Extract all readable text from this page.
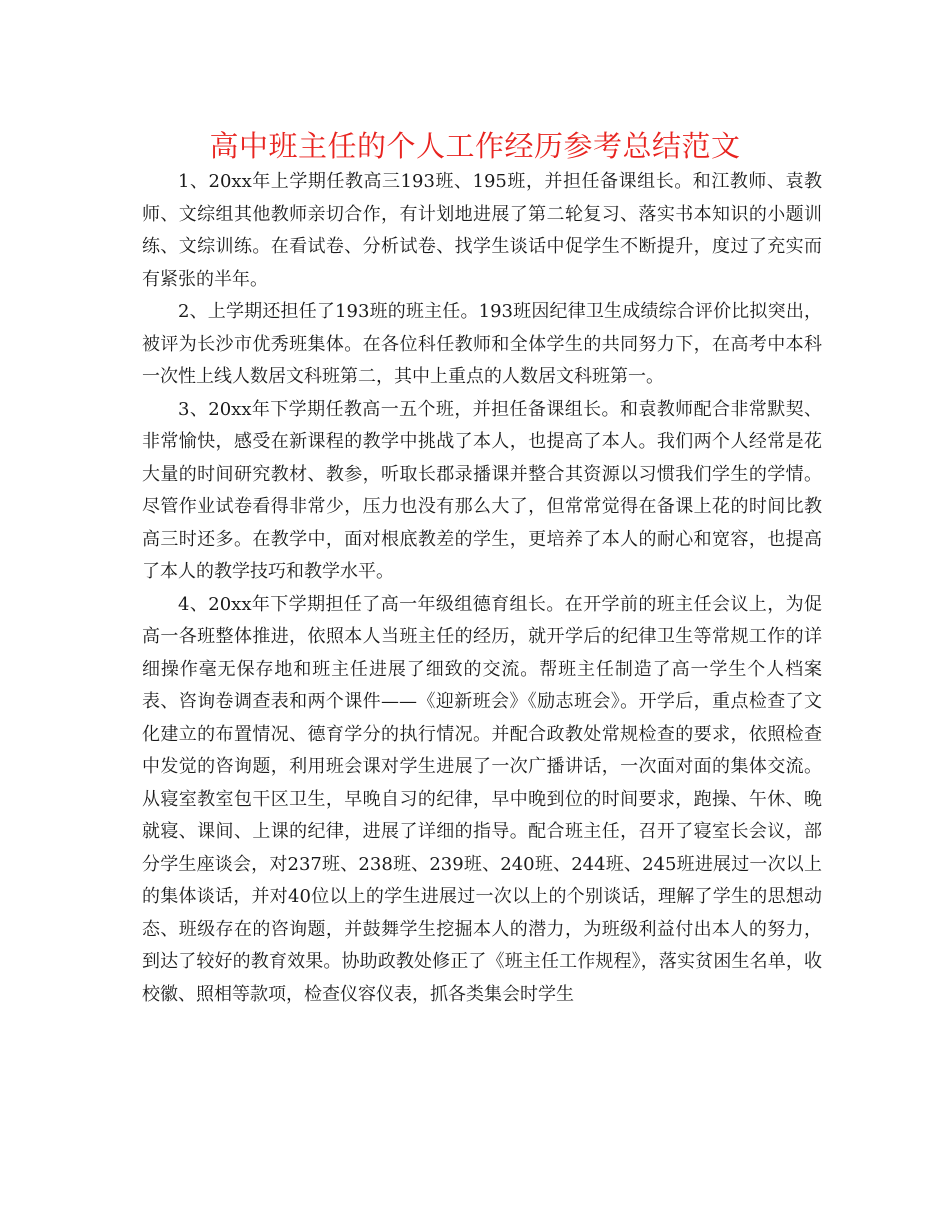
高中班主任的个人工作经历参考总结范文

1、20xx年上学期任教高三193班、195班，并担任备课组长。和江教师、袁教师、文综组其他教师亲切合作，有计划地进展了第二轮复习、落实书本知识的小题训练、文综训练。在看试卷、分析试卷、找学生谈话中促学生不断提升，度过了充实而有紧张的半年。

2、上学期还担任了193班的班主任。193班因纪律卫生成绩综合评价比拟突出，被评为长沙市优秀班集体。在各位科任教师和全体学生的共同努力下，在高考中本科一次性上线人数居文科班第二，其中上重点的人数居文科班第一。

3、20xx年下学期任教高一五个班，并担任备课组长。和袁教师配合非常默契、非常愉快，感受在新课程的教学中挑战了本人，也提高了本人。我们两个人经常是花大量的时间研究教材、教参，听取长郡录播课并整合其资源以习惯我们学生的学情。尽管作业试卷看得非常少，压力也没有那么大了，但常常觉得在备课上花的时间比教高三时还多。在教学中，面对根底教差的学生，更培养了本人的耐心和宽容，也提高了本人的教学技巧和教学水平。

4、20xx年下学期担任了高一年级组德育组长。在开学前的班主任会议上，为促高一各班整体推进，依照本人当班主任的经历，就开学后的纪律卫生等常规工作的详细操作毫无保存地和班主任进展了细致的交流。帮班主任制造了高一学生个人档案表、咨询卷调查表和两个课件——《迎新班会》《励志班会》。开学后，重点检查了文化建立的布置情况、德育学分的执行情况。并配合政教处常规检查的要求，依照检查中发觉的咨询题，利用班会课对学生进展了一次广播讲话，一次面对面的集体交流。从寝室教室包干区卫生，早晚自习的纪律，早中晚到位的时间要求，跑操、午休、晚就寝、课间、上课的纪律，进展了详细的指导。配合班主任，召开了寝室长会议，部分学生座谈会，对237班、238班、239班、240班、244班、245班进展过一次以上的集体谈话，并对40位以上的学生进展过一次以上的个别谈话，理解了学生的思想动态、班级存在的咨询题，并鼓舞学生挖掘本人的潜力，为班级利益付出本人的努力，到达了较好的教育效果。协助政教处修正了《班主任工作规程》，落实贫困生名单，收校徽、照相等款项，检查仪容仪表，抓各类集会时学生
